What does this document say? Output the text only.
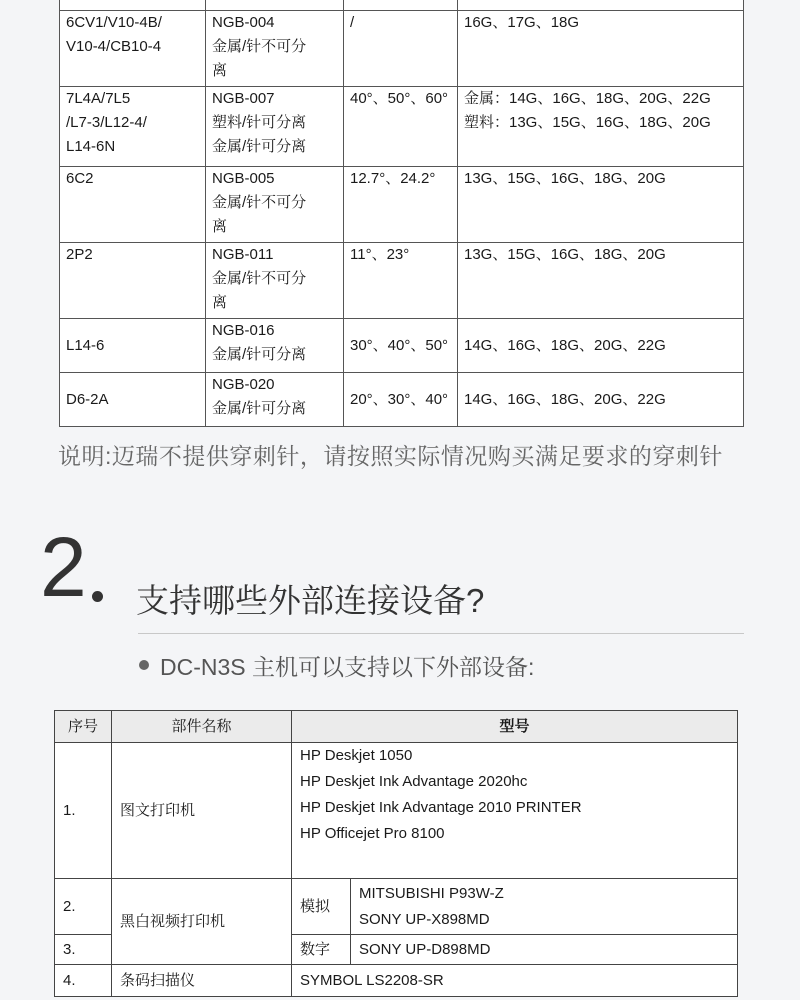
6CV1/V10-4B/
V10-4/CB10-4	NGB-004
金属/针不可分
离	/	16G、17G、18G

7L4A/7L5
/L7-3/L12-4/
L14-6N	NGB-007
塑料/针可分离
金属/针可分离	40°、50°、60°	金属：14G、16G、18G、20G、22G
塑料：13G、15G、16G、18G、20G

6C2	NGB-005
金属/针不可分
离	12.7°、24.2°	13G、15G、16G、18G、20G

2P2	NGB-011
金属/针不可分
离	11°、23°	13G、15G、16G、18G、20G

L14-6	NGB-016
金属/针可分离	30°、40°、50°	14G、16G、18G、20G、22G

D6-2A	NGB-020
金属/针可分离	20°、30°、40°	14G、16G、18G、20G、22G
说明:迈瑞不提供穿刺针，请按照实际情况购买满足要求的穿刺针
2 支持哪些外部连接设备?
DC-N3S 主机可以支持以下外部设备:
序号	部件名称	型号	
1.	图文打印机	HP Deskjet 1050
HP Deskjet Ink Advantage 2020hc
HP Deskjet Ink Advantage 2010 PRINTER
HP Officejet Pro 8100	

2.	黑白视频打印机	模拟	MITSUBISHI P93W-Z
SONY UP-X898MD

3.		数字	SONY UP-D898MD
4.	条码扫描仪	SYMBOL LS2208-SR	
